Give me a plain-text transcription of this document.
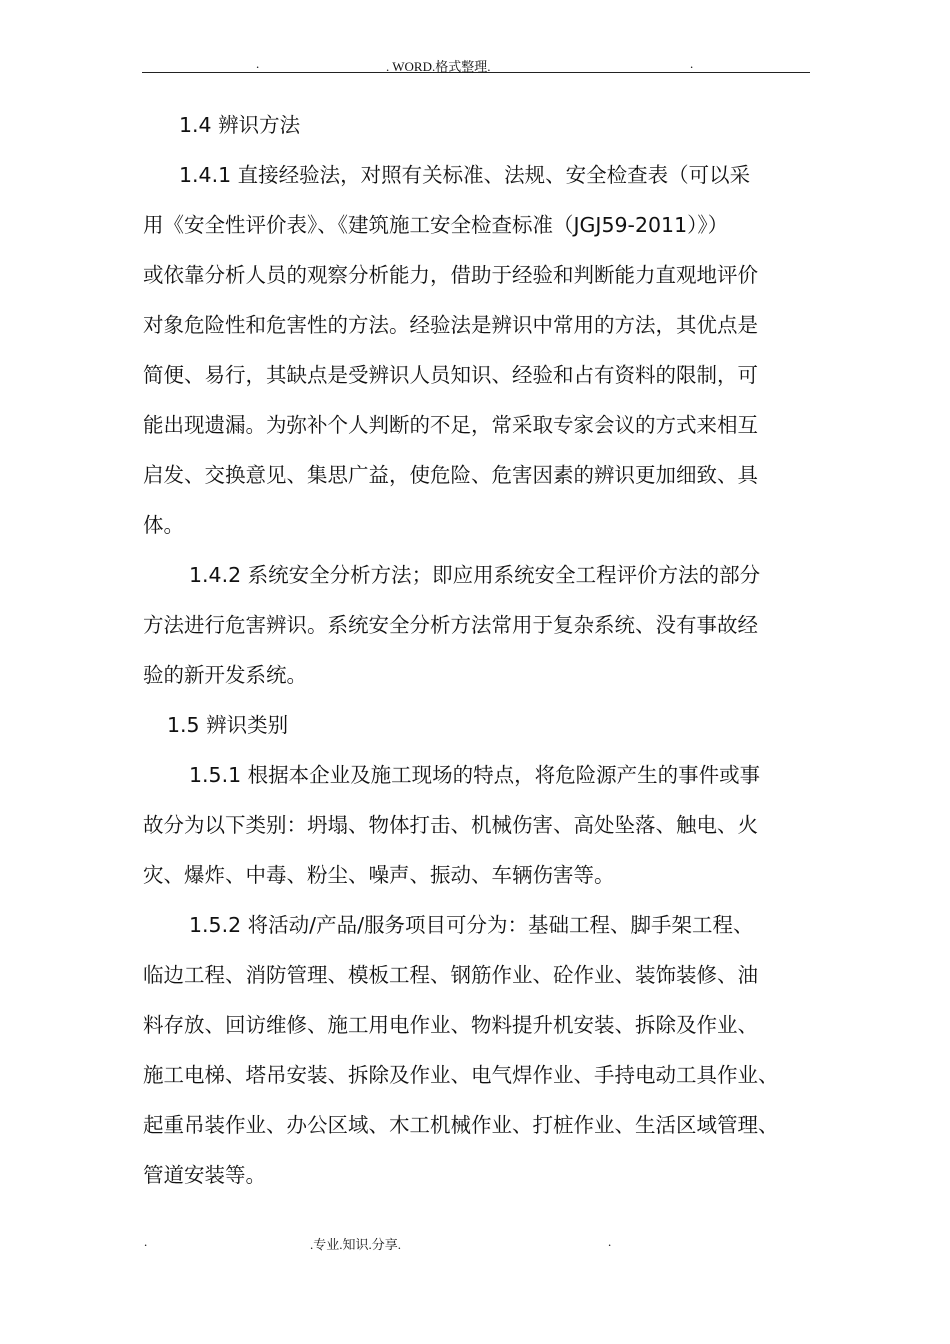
.	. WORD.格式整理.	.

1.4 辨识方法

1.4.1 直接经验法，对照有关标准、法规、安全检查表（可以采

用《安全性评价表》、《建筑施工安全检查标准（JGJ59-2011）》）

或依靠分析人员的观察分析能力，借助于经验和判断能力直观地评价

对象危险性和危害性的方法。经验法是辨识中常用的方法，其优点是

简便、易行，其缺点是受辨识人员知识、经验和占有资料的限制，可

能出现遗漏。为弥补个人判断的不足，常采取专家会议的方式来相互

启发、交换意见、集思广益，使危险、危害因素的辨识更加细致、具

体。

1.4.2 系统安全分析方法；即应用系统安全工程评价方法的部分

方法进行危害辨识。系统安全分析方法常用于复杂系统、没有事故经

验的新开发系统。

1.5 辨识类别

1.5.1 根据本企业及施工现场的特点，将危险源产生的事件或事

故分为以下类别：坍塌、物体打击、机械伤害、高处坠落、触电、火

灾、爆炸、中毒、粉尘、噪声、振动、车辆伤害等。

1.5.2 将活动/产品/服务项目可分为：基础工程、脚手架工程、

临边工程、消防管理、模板工程、钢筋作业、砼作业、装饰装修、油

料存放、回访维修、施工用电作业、物料提升机安装、拆除及作业、

施工电梯、塔吊安装、拆除及作业、电气焊作业、手持电动工具作业、

起重吊装作业、办公区域、木工机械作业、打桩作业、生活区域管理、

管道安装等。

.	.专业.知识.分享.	.
